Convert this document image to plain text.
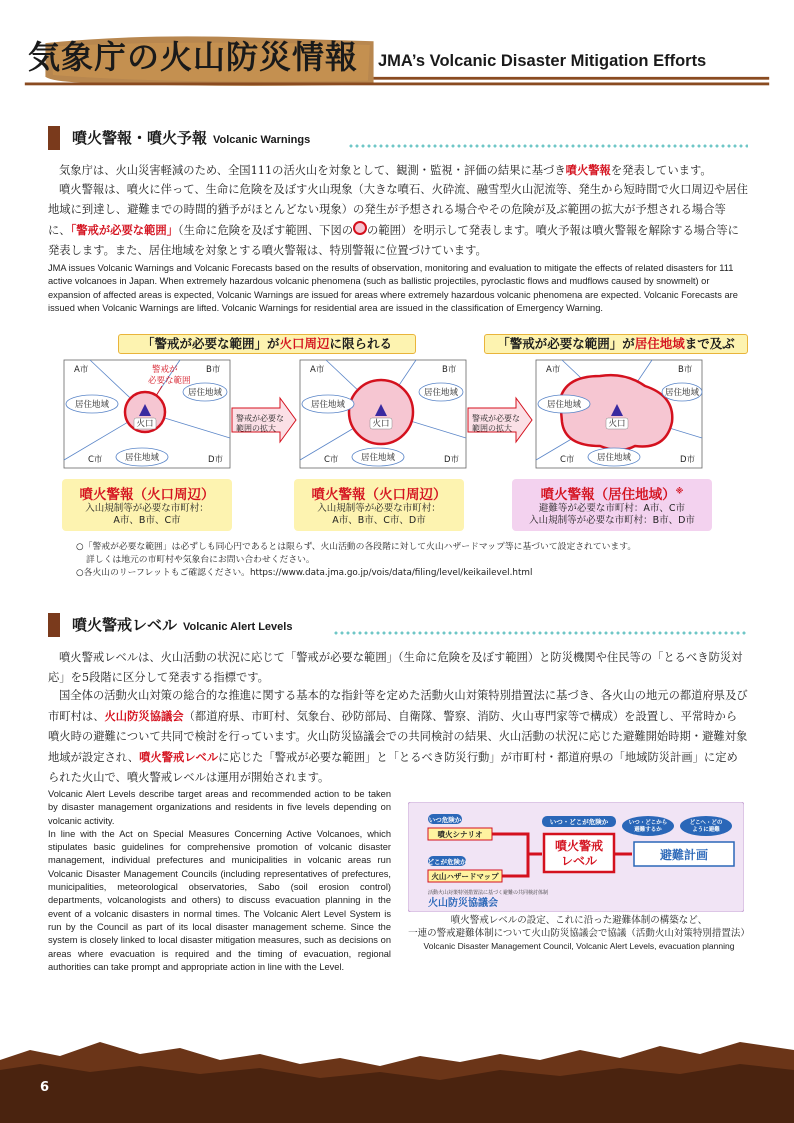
気象庁の火山防災情報 JMA’s Volcanic Disaster Mitigation Efforts
噴火警報・噴火予報 Volcanic Warnings
気象庁は、火山災害軽減のため、全国111の活火山を対象として、観測・監視・評価の結果に基づき噴火警報を発表しています。
噴火警報は、噴火に伴って、生命に危険を及ぼす火山現象（大きな噴石、火砕流、融雪型火山泥流等、発生から短時間で火口周辺や居住地域に到達し、避難までの時間的猶予がほとんどない現象）の発生が予想される場合やその危険が及ぶ範囲の拡大が予想される場合等に、「警戒が必要な範囲」（生命に危険を及ぼす範囲、下図の の範囲）を明示して発表します。噴火予報は噴火警報を解除する場合等に発表します。また、居住地域を対象とする噴火警報は、特別警報に位置づけています。
JMA issues Volcanic Warnings and Volcanic Forecasts based on the results of observation, monitoring and evaluation to mitigate the effects of related disasters for 111 active volcanoes in Japan. When extremely hazardous volcanic phenomena (such as ballistic projectiles, pyroclastic flows and mudflows caused by snowmelt) or expansion of affected areas is expected, Volcanic Warnings are issued for areas where extremely hazardous volcanic phenomena are expected. Volcanic Forecasts are issued when Volcanic Warnings are lifted. Volcanic Warnings for residential area are issued in the classification of Emergency Warning.
「警戒が必要な範囲」が火口周辺に限られる	「警戒が必要な範囲」が居住地域まで及ぶ
火口
A市	B市
C市	D市
居住地域
居住地域
居住地域
警戒が
必要な範囲
警戒が必要な
範囲の拡大	火口
A市	B市
C市	D市
居住地域
居住地域
居住地域
警戒が必要な
範囲の拡大	火口
A市	B市
C市	D市
居住地域
居住地域
居住地域
噴火警報（火口周辺）
入山規制等が必要な市町村：
A市、B市、C市
噴火警報（火口周辺）
入山規制等が必要な市町村：
A市、B市、C市、D市
噴火警報（居住地域）※
避難等が必要な市町村：A市、C市
入山規制等が必要な市町村：B市、D市
○「警戒が必要な範囲」は必ずしも同心円であるとは限らず、火山活動の各段階に対して火山ハザードマップ等に基づいて設定されています。
詳しくは地元の市町村や気象台にお問い合わせください。
○各火山のリーフレットもご確認ください。https://www.data.jma.go.jp/vois/data/filing/level/keikailevel.html
噴火警戒レベル Volcanic Alert Levels
噴火警戒レベルは、火山活動の状況に応じて「警戒が必要な範囲」（生命に危険を及ぼす範囲）と防災機関や住民等の「とるべき防災対応」を5段階に区分して発表する指標です。
国全体の活動火山対策の総合的な推進に関する基本的な指針等を定めた活動火山対策特別措置法に基づき、各火山の地元の都道府県及び市町村は、火山防災協議会（都道府県、市町村、気象台、砂防部局、自衛隊、警察、消防、火山専門家等で構成）を設置し、平常時から噴火時の避難について共同で検討を行っています。火山防災協議会での共同検討の結果、火山活動の状況に応じた避難開始時期・避難対象地域が設定され、噴火警戒レベルに応じた「警戒が必要な範囲」と「とるべき防災行動」が市町村・都道府県の「地域防災計画」に定められた火山で、噴火警戒レベルは運用が開始されます。
Volcanic Alert Levels describe target areas and recommended action to be taken by disaster management organizations and residents in five levels depending on volcanic activity.
In line with the Act on Special Measures Concerning Active Volcanoes, which stipulates basic guidelines for comprehensive promotion of volcanic disaster management, individual prefectures and municipalities in volcanic areas run Volcanic Disaster Management Councils (including representatives of prefectures, municipalities, meteorological observatories, Sabo (soil erosion control) departments, volcanologists and others) to discuss evacuation planning in the event of a volcanic disasters in normal times. The Volcanic Alert Level System is run by the Council as part of its local disaster management scheme. Since the system is closely linked to local disaster mitigation measures, such as decisions on areas where evacuation is required and the timing of evacuation, regional authorities can take prompt and appropriate action in line with the Level.
いつ危険か
噴火シナリオ
どこが危険か
火山ハザードマップ
いつ・どこが危険か
噴火警戒
レベル
いつ・どこから
避難するか
どこへ・どの
ように避難
避難計画
活動火山対策特別措置法に基づく避難の共同検討体制
火山防災協議会
噴火警戒レベルの設定、これに沿った避難体制の構築など、
一連の警戒避難体制について火山防災協議会で協議（活動火山対策特別措置法）
Volcanic Disaster Management Council, Volcanic Alert Levels, evacuation planning
6
